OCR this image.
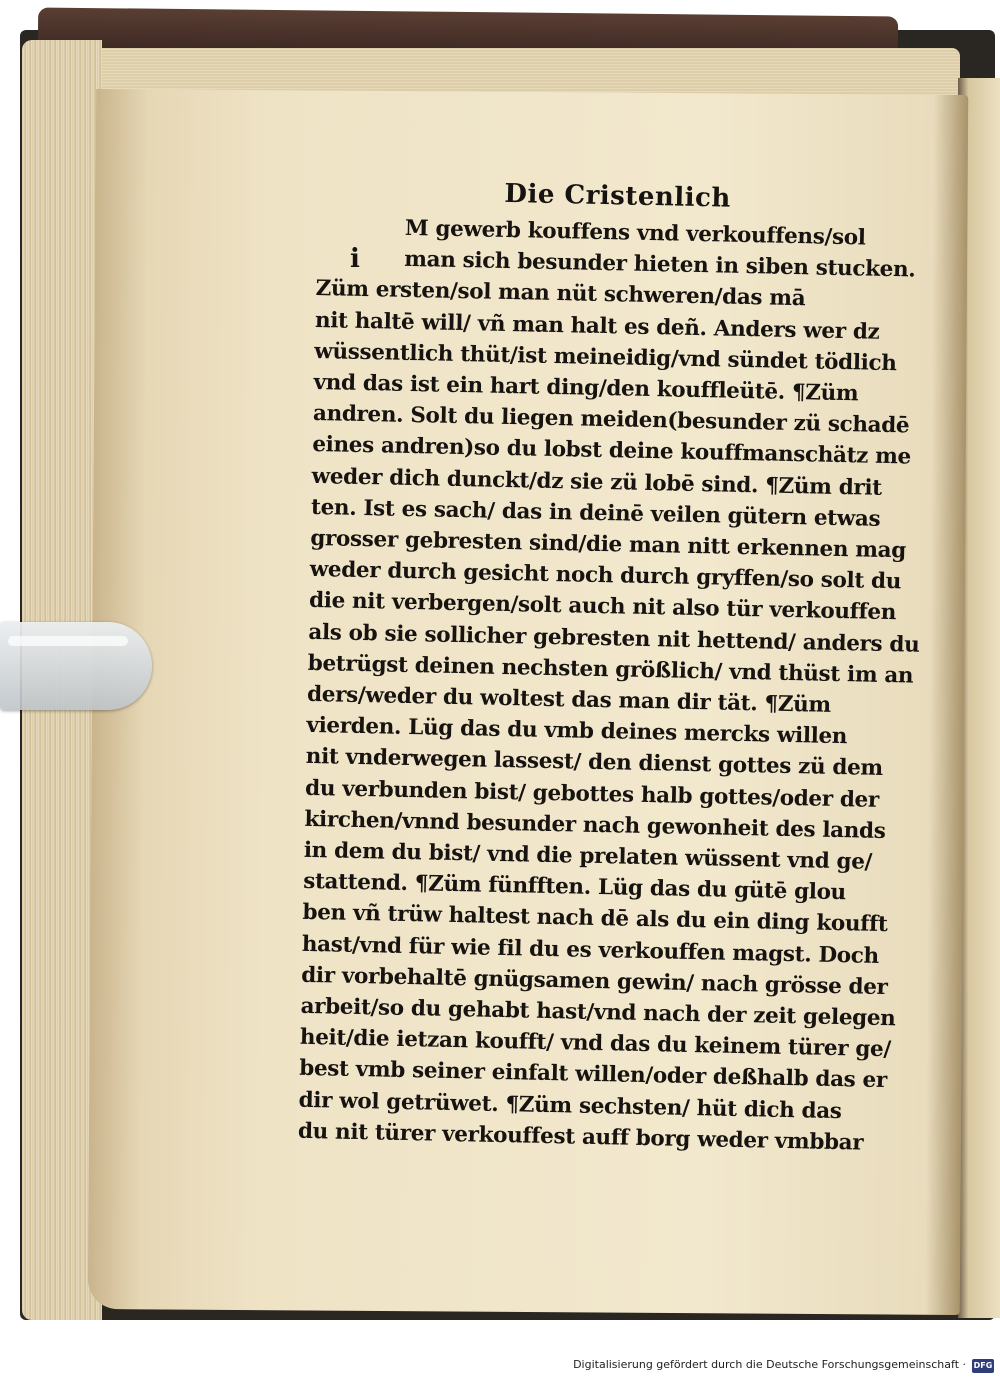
i
Die Cristenlich
M gewerb kouffens vnd verkouffens/sol
man sich besunder hieten in siben stucken.
Züm ersten/sol man nüt schweren/das mā
nit haltē will/ vñ man halt es deñ. Anders wer dz
wüssentlich thüt/ist meineidig/vnd sündet tödlich
vnd das ist ein hart ding/den kouffleütē. ¶Züm
andren. Solt du liegen meiden(besunder zü schadē
eines andren)so du lobst deine kouffmanschätz me
weder dich dunckt/dz sie zü lobē sind. ¶Züm drit
ten. Ist es sach/ das in deinē veilen gütern etwas
grosser gebresten sind/die man nitt erkennen mag
weder durch gesicht noch durch gryffen/so solt du
die nit verbergen/solt auch nit also tür verkouffen
als ob sie sollicher gebresten nit hettend/ anders du
betrügst deinen nechsten größlich/ vnd thüst im an
ders/weder du woltest das man dir tät. ¶Züm
vierden. Lüg das du vmb deines mercks willen
nit vnderwegen lassest/ den dienst gottes zü dem
du verbunden bist/ gebottes halb gottes/oder der
kirchen/vnnd besunder nach gewonheit des lands
in dem du bist/ vnd die prelaten wüssent vnd ge/
stattend. ¶Züm fünfften. Lüg das du gütē glou
ben vñ trüw haltest nach dē als du ein ding koufft
hast/vnd für wie fil du es verkouffen magst. Doch
dir vorbehaltē gnügsamen gewin/ nach grösse der
arbeit/so du gehabt hast/vnd nach der zeit gelegen
heit/die ietzan koufft/ vnd das du keinem türer ge/
best vmb seiner einfalt willen/oder deßhalb das er
dir wol getrüwet. ¶Züm sechsten/ hüt dich das
du nit türer verkouffest auff borg weder vmbbar
Digitalisierung gefördert durch die Deutsche Forschungsgemeinschaft · DFG
